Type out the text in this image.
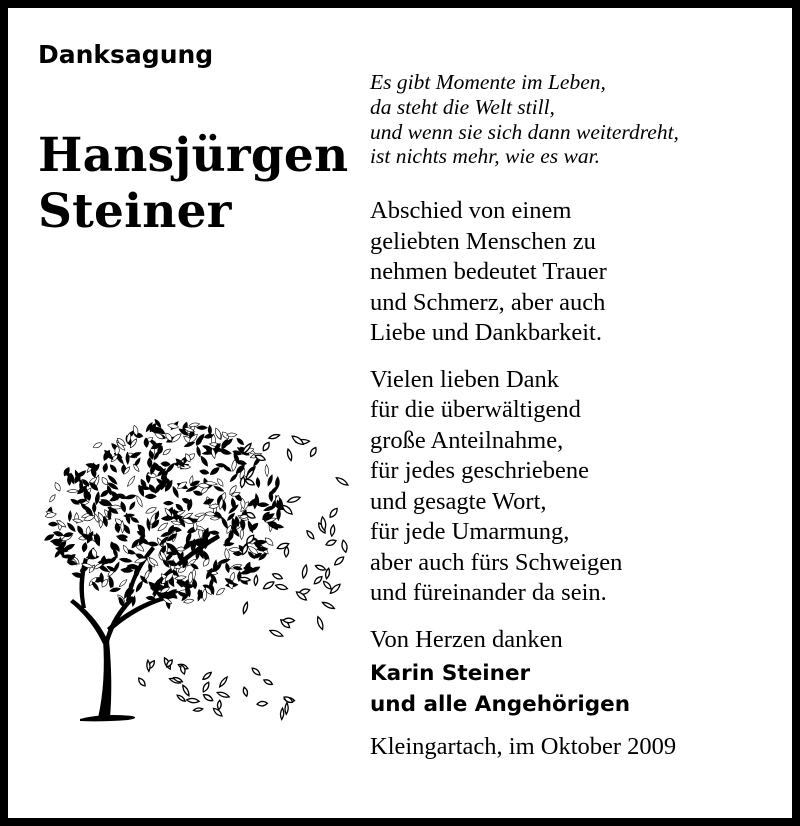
Danksagung
Hansjürgen
Steiner
Es gibt Momente im Leben,
da steht die Welt still,
und wenn sie sich dann weiterdreht,
ist nichts mehr, wie es war.
Abschied von einem
geliebten Menschen zu
nehmen bedeutet Trauer
und Schmerz, aber auch
Liebe und Dankbarkeit.
Vielen lieben Dank
für die überwältigend
große Anteilnahme,
für jedes geschriebene
und gesagte Wort,
für jede Umarmung,
aber auch fürs Schweigen
und füreinander da sein.
Von Herzen danken
Karin Steiner
und alle Angehörigen
Kleingartach, im Oktober 2009
